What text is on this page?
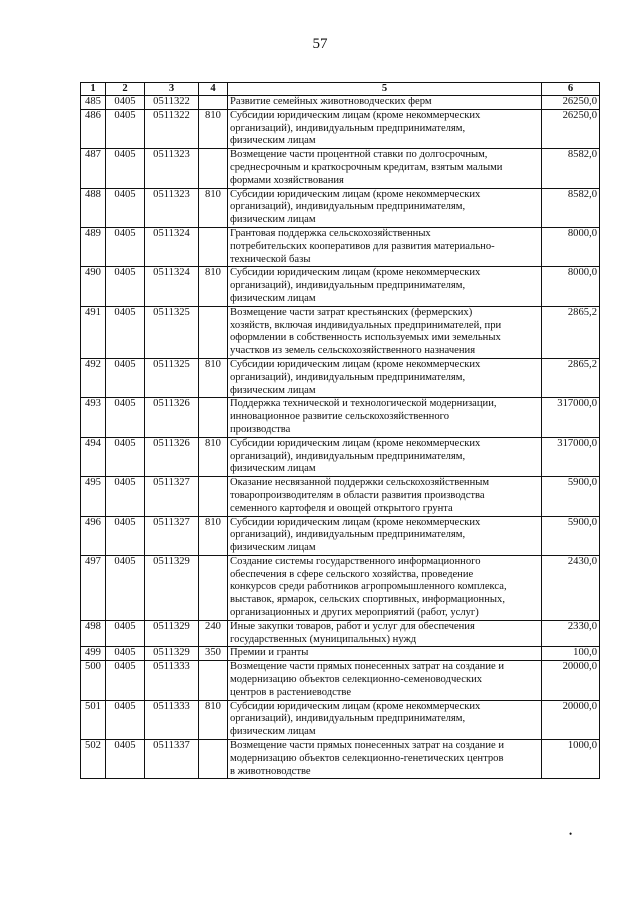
57
1	2	3	4	5	6
485	0405	0511322		Развитие семейных животноводческих ферм	26250,0
486	0405	0511322	810	Субсидии юридическим лицам (кроме некоммерческих
организаций), индивидуальным предпринимателям,
физическим лицам	26250,0
487	0405	0511323		Возмещение части процентной ставки по долгосрочным,
среднесрочным и краткосрочным кредитам, взятым малыми
формами хозяйствования	8582,0
488	0405	0511323	810	Субсидии юридическим лицам (кроме некоммерческих
организаций), индивидуальным предпринимателям,
физическим лицам	8582,0
489	0405	0511324		Грантовая поддержка сельскохозяйственных
потребительских кооперативов для развития материально-
технической базы	8000,0
490	0405	0511324	810	Субсидии юридическим лицам (кроме некоммерческих
организаций), индивидуальным предпринимателям,
физическим лицам	8000,0
491	0405	0511325		Возмещение части затрат крестьянских (фермерских)
хозяйств, включая индивидуальных предпринимателей, при
оформлении в собственность используемых ими земельных
участков из земель сельскохозяйственного назначения	2865,2
492	0405	0511325	810	Субсидии юридическим лицам (кроме некоммерческих
организаций), индивидуальным предпринимателям,
физическим лицам	2865,2
493	0405	0511326		Поддержка технической и технологической модернизации,
инновационное развитие сельскохозяйственного
производства	317000,0
494	0405	0511326	810	Субсидии юридическим лицам (кроме некоммерческих
организаций), индивидуальным предпринимателям,
физическим лицам	317000,0
495	0405	0511327		Оказание несвязанной поддержки сельскохозяйственным
товаропроизводителям в области развития производства
семенного картофеля и овощей открытого грунта	5900,0
496	0405	0511327	810	Субсидии юридическим лицам (кроме некоммерческих
организаций), индивидуальным предпринимателям,
физическим лицам	5900,0
497	0405	0511329		Создание системы государственного информационного
обеспечения в сфере сельского хозяйства, проведение
конкурсов среди работников агропромышленного комплекса,
выставок, ярмарок, сельских спортивных, информационных,
организационных и других мероприятий (работ, услуг)	2430,0
498	0405	0511329	240	Иные закупки товаров, работ и услуг для обеспечения
государственных (муниципальных) нужд	2330,0
499	0405	0511329	350	Премии и гранты	100,0
500	0405	0511333		Возмещение части прямых понесенных затрат на создание и
модернизацию объектов селекционно-семеноводческих
центров в растениеводстве	20000,0
501	0405	0511333	810	Субсидии юридическим лицам (кроме некоммерческих
организаций), индивидуальным предпринимателям,
физическим лицам	20000,0
502	0405	0511337		Возмещение части прямых понесенных затрат на создание и
модернизацию объектов селекционно-генетических центров
в животноводстве	1000,0
•
